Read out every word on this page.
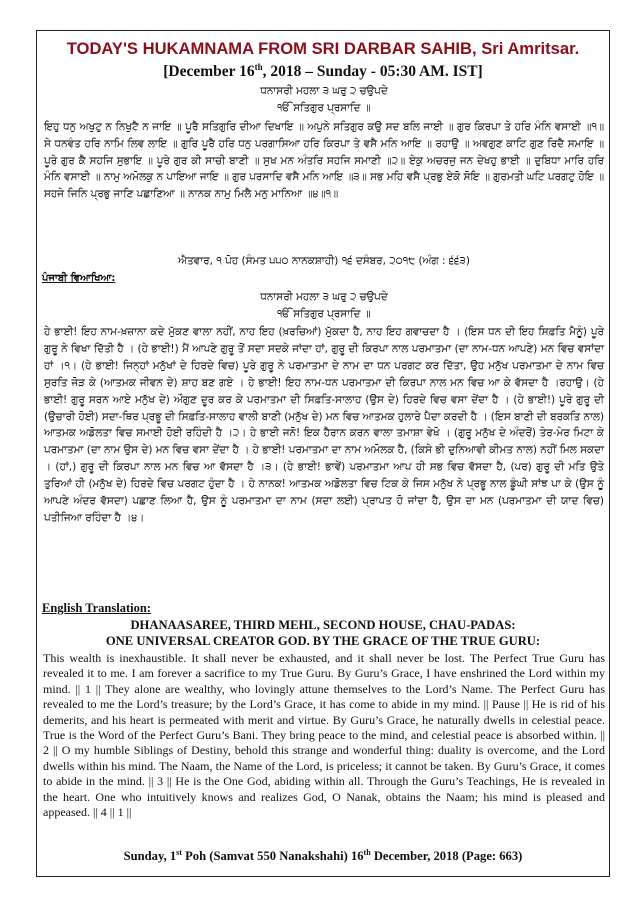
TODAY'S HUKAMNAMA FROM SRI DARBAR SAHIB, Sri Amritsar.
[December 16th, 2018 – Sunday - 05:30 AM. IST]
ਧਨਾਸਰੀ ਮਹਲਾ ੩ ਘਰੁ ੨ ਚਉਪਦੇ
ੴ ਸਤਿਗੁਰ ਪ੍ਰਸਾਦਿ ॥
ਇਹੁ ਧਨੁ ਅਖੁਟੁ ਨ ਨਿਖੁਟੈ ਨ ਜਾਇ ॥ ਪੂਰੈ ਸਤਿਗੁਰਿ ਦੀਆ ਦਿਖਾਇ ॥ ਅਪੁਨੇ ਸਤਿਗੁਰ ਕਉ ਸਦ ਬਲਿ ਜਾਈ ॥ ਗੁਰ ਕਿਰਪਾ ਤੇ ਹਰਿ ਮੰਨਿ ਵਸਾਈ ॥੧॥ ਸੇ ਧਨਵੰਤ ਹਰਿ ਨਾਮਿ ਲਿਵ ਲਾਇ ॥ ਗੁਰਿ ਪੂਰੈ ਹਰਿ ਧਨੁ ਪਰਗਾਸਿਆ ਹਰਿ ਕਿਰਪਾ ਤੇ ਵਸੈ ਮਨਿ ਆਇ ॥ ਰਹਾਉ ॥ ਅਵਗੁਣ ਕਾਟਿ ਗੁਣ ਰਿਦੈ ਸਮਾਇ ॥ ਪੂਰੇ ਗੁਰ ਕੈ ਸਹਜਿ ਸੁਭਾਇ ॥ ਪੂਰੇ ਗੁਰ ਕੀ ਸਾਚੀ ਬਾਣੀ ॥ ਸੁਖ ਮਨ ਅੰਤਰਿ ਸਹਜਿ ਸਮਾਣੀ ॥੨॥ ਏਕੁ ਅਚਰਜੁ ਜਨ ਦੇਖਹੁ ਭਾਈ ॥ ਦੁਬਿਧਾ ਮਾਰਿ ਹਰਿ ਮੰਨਿ ਵਸਾਈ ॥ ਨਾਮੁ ਅਮੋਲਕੁ ਨ ਪਾਇਆ ਜਾਇ ॥ ਗੁਰ ਪਰਸਾਦਿ ਵਸੈ ਮਨਿ ਆਇ ॥੩॥ ਸਭ ਮਹਿ ਵਸੈ ਪ੍ਰਭੁ ਏਕੋ ਸੋਇ ॥ ਗੁਰਮਤੀ ਘਟਿ ਪਰਗਟੁ ਹੋਇ ॥ ਸਹਜੇ ਜਿਨਿ ਪ੍ਰਭੁ ਜਾਣਿ ਪਛਾਣਿਆ ॥ ਨਾਨਕ ਨਾਮੁ ਮਿਲੈ ਮਨੁ ਮਾਨਿਆ ॥੪॥੧॥
ਐਤਵਾਰ, ੧ ਪੋਹ (ਸੰਮਤ ੫੫੦ ਨਾਨਕਸ਼ਾਹੀ) ੧੬ ਦਸੰਬਰ, ੨੦੧੮ (ਅੰਗ : ੬੬੩)
ਪੰਜਾਬੀ ਵਿਆਖਿਆ:
ਧਨਾਸਰੀ ਮਹਲਾ ੩ ਘਰੁ ੨ ਚਉਪਦੇ
ੴ ਸਤਿਗੁਰ ਪ੍ਰਸਾਦਿ ॥
ਹੇ ਭਾਈ! ਇਹ ਨਾਮ-ਖ਼ਜ਼ਾਨਾ ਕਦੇ ਮੁੱਕਣ ਵਾਲਾ ਨਹੀਂ, ਨਾਹ ਇਹ (ਖ਼ਰਚਿਆਂ) ਮੁੱਕਦਾ ਹੈ, ਨਾਹ ਇਹ ਗਵਾਚਦਾ ਹੈ । (ਇਸ ਧਨ ਦੀ ਇਹ ਸਿਫ਼ਤਿ ਮੈਨੂੰ) ਪੂਰੇ ਗੁਰੂ ਨੇ ਵਿਖਾ ਦਿੱਤੀ ਹੈ । (ਹੇ ਭਾਈ!) ਮੈਂ ਆਪਣੇ ਗੁਰੂ ਤੋਂ ਸਦਾ ਸਦਕੇ ਜਾਂਦਾ ਹਾਂ, ਗੁਰੂ ਦੀ ਕਿਰਪਾ ਨਾਲ ਪਰਮਾਤਮਾ (ਦਾ ਨਾਮ-ਧਨ ਆਪਣੇ) ਮਨ ਵਿਚ ਵਸਾਂਦਾ ਹਾਂ ।੧। (ਹੇ ਭਾਈ! ਜਿਨ੍ਹਾਂ ਮਨੁੱਖਾਂ ਦੇ ਹਿਰਦੇ ਵਿਚ) ਪੂਰੇ ਗੁਰੂ ਨੇ ਪਰਮਾਤਮਾ ਦੇ ਨਾਮ ਦਾ ਧਨ ਪਰਗਟ ਕਰ ਦਿੱਤਾ, ਉਹ ਮਨੁੱਖ ਪਰਮਾਤਮਾ ਦੇ ਨਾਮ ਵਿਚ ਸੁਰਤਿ ਜੋੜ ਕੇ (ਆਤਮਕ ਜੀਵਨ ਦੇ) ਸ਼ਾਹ ਬਣ ਗਏ । ਹੇ ਭਾਈ! ਇਹ ਨਾਮ-ਧਨ ਪਰਮਾਤਮਾ ਦੀ ਕਿਰਪਾ ਨਾਲ ਮਨ ਵਿਚ ਆ ਕੇ ਵੱਸਦਾ ਹੈ ।ਰਹਾਉ। (ਹੇ ਭਾਈ! ਗੁਰੂ ਸਰਨ ਆਏ ਮਨੁੱਖ ਦੇ) ਔਗੁਣ ਦੂਰ ਕਰ ਕੇ ਪਰਮਾਤਮਾ ਦੀ ਸਿਫ਼ਤਿ-ਸਾਲਾਹ (ਉਸ ਦੇ) ਹਿਰਦੇ ਵਿਚ ਵਸਾ ਦੇਂਦਾ ਹੈ । (ਹੇ ਭਾਈ!) ਪੂਰੇ ਗੁਰੂ ਦੀ (ਉਚਾਰੀ ਹੋਈ) ਸਦਾ-ਥਿਰ ਪ੍ਰਭੂ ਦੀ ਸਿਫ਼ਤਿ-ਸਾਲਾਹ ਵਾਲੀ ਬਾਣੀ (ਮਨੁੱਖ ਦੇ) ਮਨ ਵਿਚ ਆਤਮਕ ਹੁਲਾਰੇ ਪੈਦਾ ਕਰਦੀ ਹੈ । (ਇਸ ਬਾਣੀ ਦੀ ਬਰਕਤਿ ਨਾਲ) ਆਤਮਕ ਅਡੋਲਤਾ ਵਿਚ ਸਮਾਈ ਹੋਈ ਰਹਿੰਦੀ ਹੈ ।੨। ਹੇ ਭਾਈ ਜਨੋ! ਇਕ ਹੈਰਾਨ ਕਰਨ ਵਾਲਾ ਤਮਾਸ਼ਾ ਵੇਖੋ । (ਗੁਰੂ ਮਨੁੱਖ ਦੇ ਅੰਦਰੋਂ) ਤੇਰ-ਮੇਰ ਮਿਟਾ ਕੇ ਪਰਮਾਤਮਾ (ਦਾ ਨਾਮ ਉਸ ਦੇ) ਮਨ ਵਿਚ ਵਸਾ ਦੇਂਦਾ ਹੈ । ਹੇ ਭਾਈ! ਪਰਮਾਤਮਾ ਦਾ ਨਾਮ ਅਮੋਲਕ ਹੈ, (ਕਿਸੇ ਭੀ ਦੁਨਿਆਵੀ ਕੀਮਤ ਨਾਲ) ਨਹੀਂ ਮਿਲ ਸਕਦਾ । (ਹਾਂ,) ਗੁਰੂ ਦੀ ਕਿਰਪਾ ਨਾਲ ਮਨ ਵਿਚ ਆ ਵੱਸਦਾ ਹੈ ।੩। (ਹੇ ਭਾਈ! ਭਾਵੇਂ) ਪਰਮਾਤਮਾ ਆਪ ਹੀ ਸਭ ਵਿਚ ਵੱਸਦਾ ਹੈ, (ਪਰ) ਗੁਰੂ ਦੀ ਮਤਿ ਉਤੇ ਤੁਰਿਆਂ ਹੀ (ਮਨੁੱਖ ਦੇ) ਹਿਰਦੇ ਵਿਚ ਪਰਗਟ ਹੁੰਦਾ ਹੈ । ਹੇ ਨਾਨਕ! ਆਤਮਕ ਅਡੋਲਤਾ ਵਿਚ ਟਿਕ ਕੇ ਜਿਸ ਮਨੁੱਖ ਨੇ ਪ੍ਰਭੂ ਨਾਲ ਡੂੰਘੀ ਸਾਂਝ ਪਾ ਕੇ (ਉਸ ਨੂੰ ਆਪਣੇ ਅੰਦਰ ਵੱਸਦਾ) ਪਛਾਣ ਲਿਆ ਹੈ, ਉਸ ਨੂੰ ਪਰਮਾਤਮਾ ਦਾ ਨਾਮ (ਸਦਾ ਲਈ) ਪ੍ਰਾਪਤ ਹੋ ਜਾਂਦਾ ਹੈ, ਉਸ ਦਾ ਮਨ (ਪਰਮਾਤਮਾ ਦੀ ਯਾਦ ਵਿਚ) ਪਤੀਜਿਆ ਰਹਿੰਦਾ ਹੈ ।੪।
English Translation:
DHANAASAREE, THIRD MEHL, SECOND HOUSE, CHAU-PADAS:
ONE UNIVERSAL CREATOR GOD. BY THE GRACE OF THE TRUE GURU:
This wealth is inexhaustible. It shall never be exhausted, and it shall never be lost. The Perfect True Guru has revealed it to me. I am forever a sacrifice to my True Guru. By Guru’s Grace, I have enshrined the Lord within my mind. || 1 || They alone are wealthy, who lovingly attune themselves to the Lord’s Name. The Perfect Guru has revealed to me the Lord’s treasure; by the Lord’s Grace, it has come to abide in my mind. || Pause || He is rid of his demerits, and his heart is permeated with merit and virtue. By Guru’s Grace, he naturally dwells in celestial peace. True is the Word of the Perfect Guru’s Bani. They bring peace to the mind, and celestial peace is absorbed within. || 2 || O my humble Siblings of Destiny, behold this strange and wonderful thing: duality is overcome, and the Lord dwells within his mind. The Naam, the Name of the Lord, is priceless; it cannot be taken. By Guru’s Grace, it comes to abide in the mind. || 3 || He is the One God, abiding within all. Through the Guru’s Teachings, He is revealed in the heart. One who intuitively knows and realizes God, O Nanak, obtains the Naam; his mind is pleased and appeased. || 4 || 1 ||
Sunday, 1st Poh (Samvat 550 Nanakshahi) 16th December, 2018 (Page: 663)
